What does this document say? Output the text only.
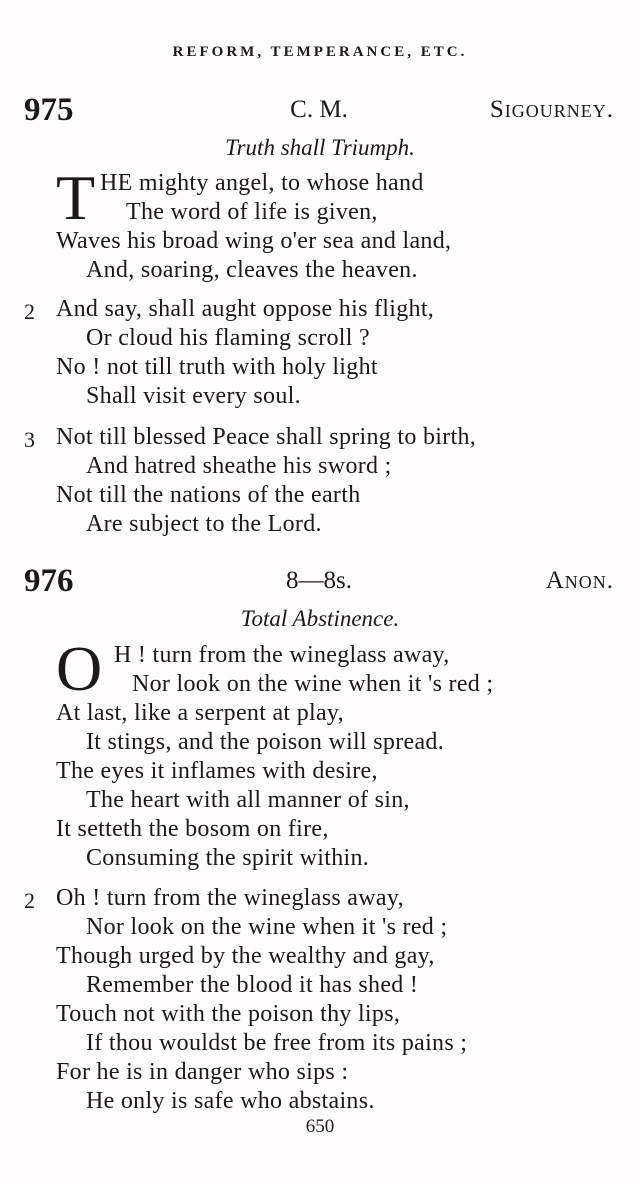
REFORM, TEMPERANCE, ETC.
975	C. M.	Sigourney.
Truth shall Triumph.
T HE mighty angel, to whose hand
The word of life is given,
Waves his broad wing o'er sea and land,
And, soaring, cleaves the heaven.
2 And say, shall aught oppose his flight,
Or cloud his flaming scroll ?
No ! not till truth with holy light
Shall visit every soul.
3 Not till blessed Peace shall spring to birth,
And hatred sheathe his sword ;
Not till the nations of the earth
Are subject to the Lord.
976	8—8s.	Anon.
Total Abstinence.
O H ! turn from the wineglass away,
Nor look on the wine when it 's red ;
At last, like a serpent at play,
It stings, and the poison will spread.
The eyes it inflames with desire,
The heart with all manner of sin,
It setteth the bosom on fire,
Consuming the spirit within.
2 Oh ! turn from the wineglass away,
Nor look on the wine when it 's red ;
Though urged by the wealthy and gay,
Remember the blood it has shed !
Touch not with the poison thy lips,
If thou wouldst be free from its pains ;
For he is in danger who sips :
He only is safe who abstains.
650
